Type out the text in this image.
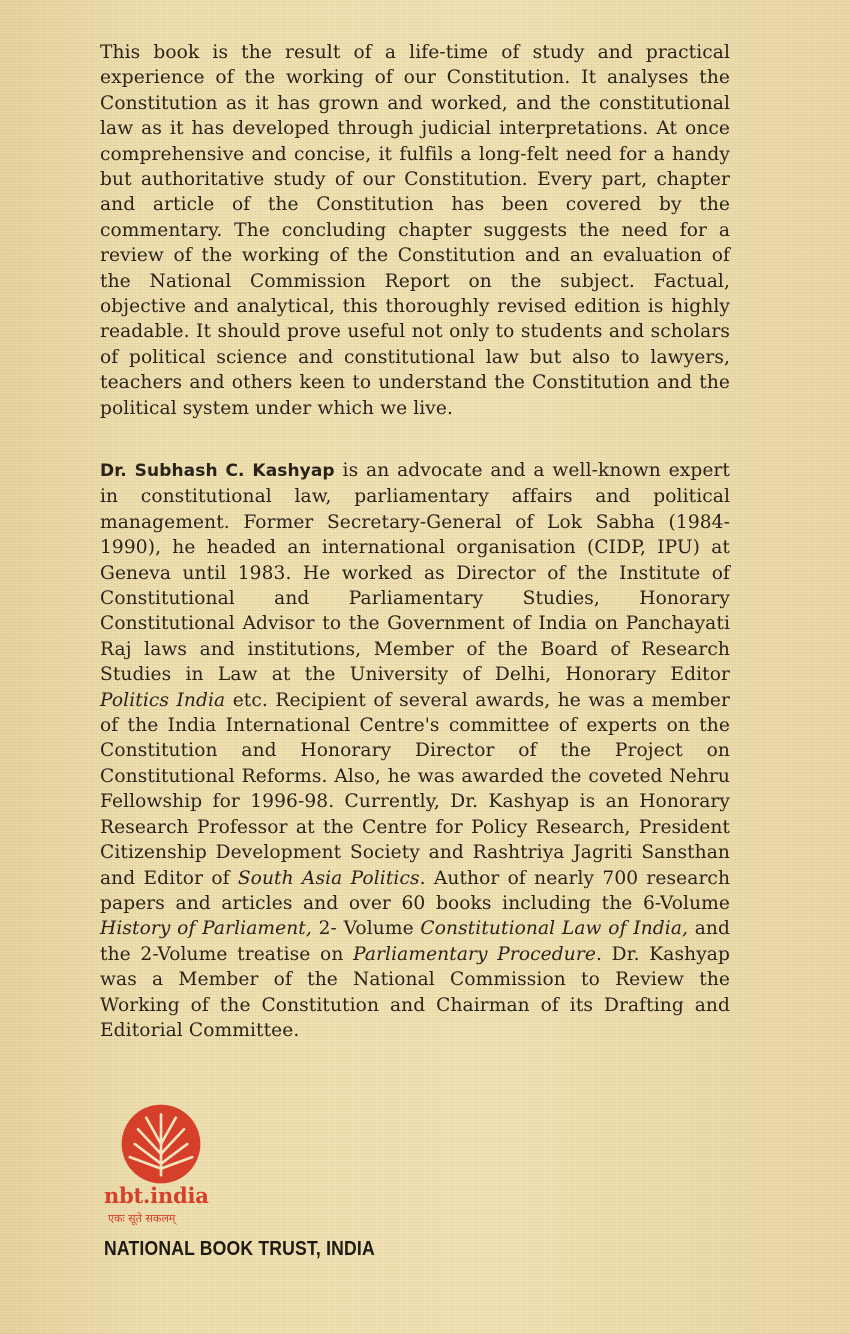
This book is the result of a life-time of study and practical experience of the working of our Constitution. It analyses the Constitution as it has grown and worked, and the constitutional law as it has developed through judicial interpretations. At once comprehensive and concise, it fulfils a long-felt need for a handy but authoritative study of our Constitution. Every part, chapter and article of the Constitution has been covered by the commentary. The concluding chapter suggests the need for a review of the working of the Constitution and an evaluation of the National Commission Report on the subject. Factual, objective and analytical, this thoroughly revised edition is highly readable. It should prove useful not only to students and scholars of political science and constitutional law but also to lawyers, teachers and others keen to understand the Constitution and the political system under which we live.

Dr. Subhash C. Kashyap is an advocate and a well-known expert in constitutional law, parliamentary affairs and political management. Former Secretary-General of Lok Sabha (1984-1990), he headed an international organisation (CIDP, IPU) at Geneva until 1983. He worked as Director of the Institute of Constitutional and Parliamentary Studies, Honorary Constitutional Advisor to the Government of India on Panchayati Raj laws and institutions, Member of the Board of Research Studies in Law at the University of Delhi, Honorary Editor Politics India etc. Recipient of several awards, he was a member of the India International Centre's committee of experts on the Constitution and Honorary Director of the Project on Constitutional Reforms. Also, he was awarded the coveted Nehru Fellowship for 1996-98. Currently, Dr. Kashyap is an Honorary Research Professor at the Centre for Policy Research, President Citizenship Development Society and Rashtriya Jagriti Sansthan and Editor of South Asia Politics. Author of nearly 700 research papers and articles and over 60 books including the 6-Volume History of Parliament, 2- Volume Constitutional Law of India, and the 2-Volume treatise on Parliamentary Procedure. Dr. Kashyap was a Member of the National Commission to Review the Working of the Constitution and Chairman of its Drafting and Editorial Committee.

nbt.india
एकः सूते सकलम्
NATIONAL BOOK TRUST, INDIA
